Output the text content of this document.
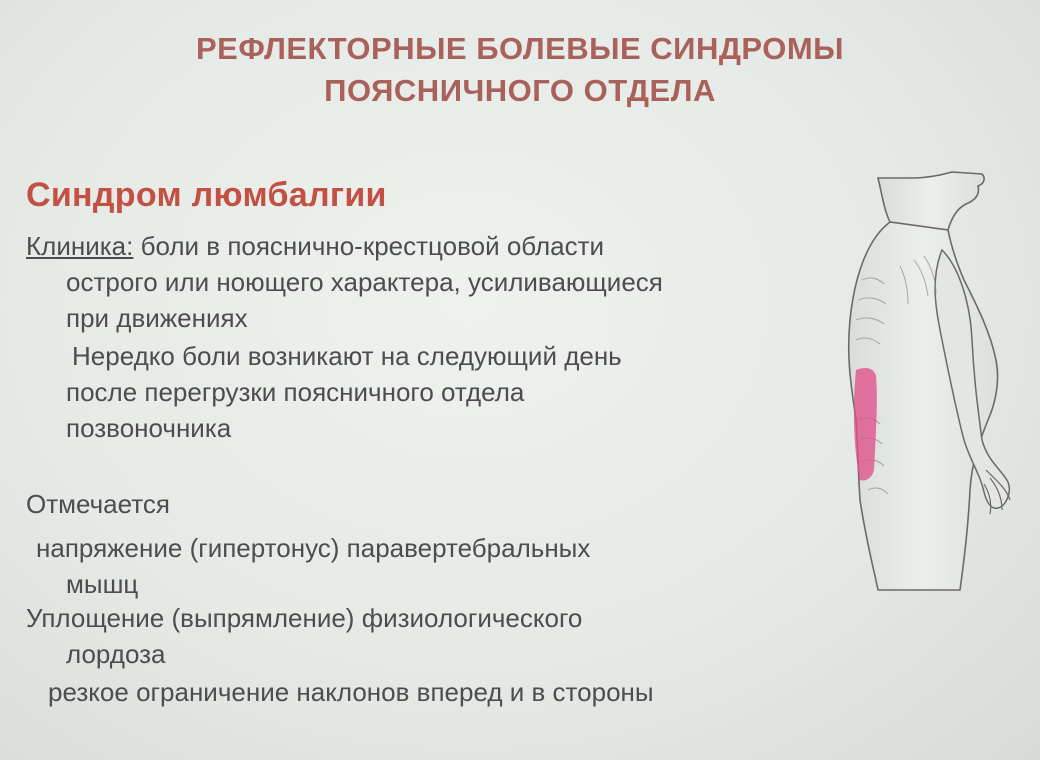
РЕФЛЕКТОРНЫЕ БОЛЕВЫЕ СИНДРОМЫ
ПОЯСНИЧНОГО ОТДЕЛА
Синдром люмбалгии
Клиника: боли в пояснично-крестцовой области
острого или ноющего характера, усиливающиеся
при движениях
Нередко боли возникают на следующий день
после перегрузки поясничного отдела
позвоночника
Отмечается
напряжение (гипертонус) паравертебральных
мышц
Уплощение (выпрямление) физиологического
лордоза
резкое ограничение наклонов вперед и в стороны
